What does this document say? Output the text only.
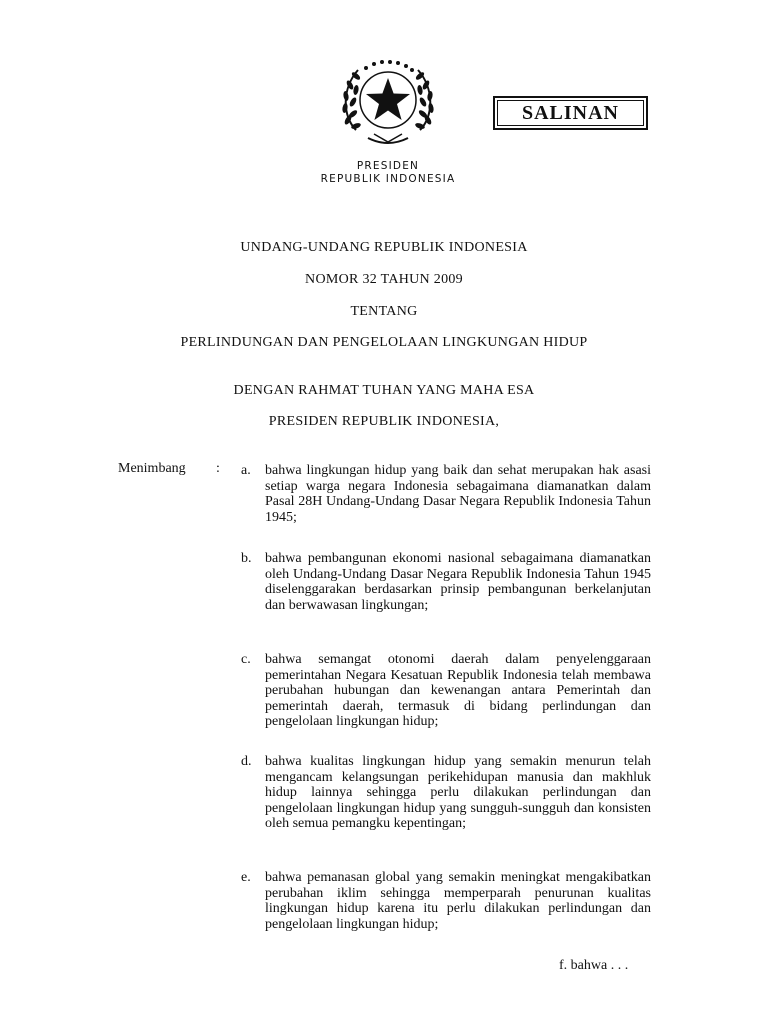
SALINAN
PRESIDEN
REPUBLIK INDONESIA
UNDANG-UNDANG REPUBLIK INDONESIA
NOMOR 32 TAHUN 2009
TENTANG
PERLINDUNGAN DAN PENGELOLAAN LINGKUNGAN HIDUP
DENGAN RAHMAT TUHAN YANG MAHA ESA
PRESIDEN REPUBLIK INDONESIA,
Menimbang : a. bahwa lingkungan hidup yang baik dan sehat merupakan hak asasi setiap warga negara Indonesia sebagaimana diamanatkan dalam Pasal 28H Undang-Undang Dasar Negara Republik Indonesia Tahun 1945;
b. bahwa pembangunan ekonomi nasional sebagaimana diamanatkan oleh Undang-Undang Dasar Negara Republik Indonesia Tahun 1945 diselenggarakan berdasarkan prinsip pembangunan berkelanjutan dan berwawasan lingkungan;
c. bahwa semangat otonomi daerah dalam penyelenggaraan pemerintahan Negara Kesatuan Republik Indonesia telah membawa perubahan hubungan dan kewenangan antara Pemerintah dan pemerintah daerah, termasuk di bidang perlindungan dan pengelolaan lingkungan hidup;
d. bahwa kualitas lingkungan hidup yang semakin menurun telah mengancam kelangsungan perikehidupan manusia dan makhluk hidup lainnya sehingga perlu dilakukan perlindungan dan pengelolaan lingkungan hidup yang sungguh-sungguh dan konsisten oleh semua pemangku kepentingan;
e. bahwa pemanasan global yang semakin meningkat mengakibatkan perubahan iklim sehingga memperparah penurunan kualitas lingkungan hidup karena itu perlu dilakukan perlindungan dan pengelolaan lingkungan hidup;
f. bahwa . . .
